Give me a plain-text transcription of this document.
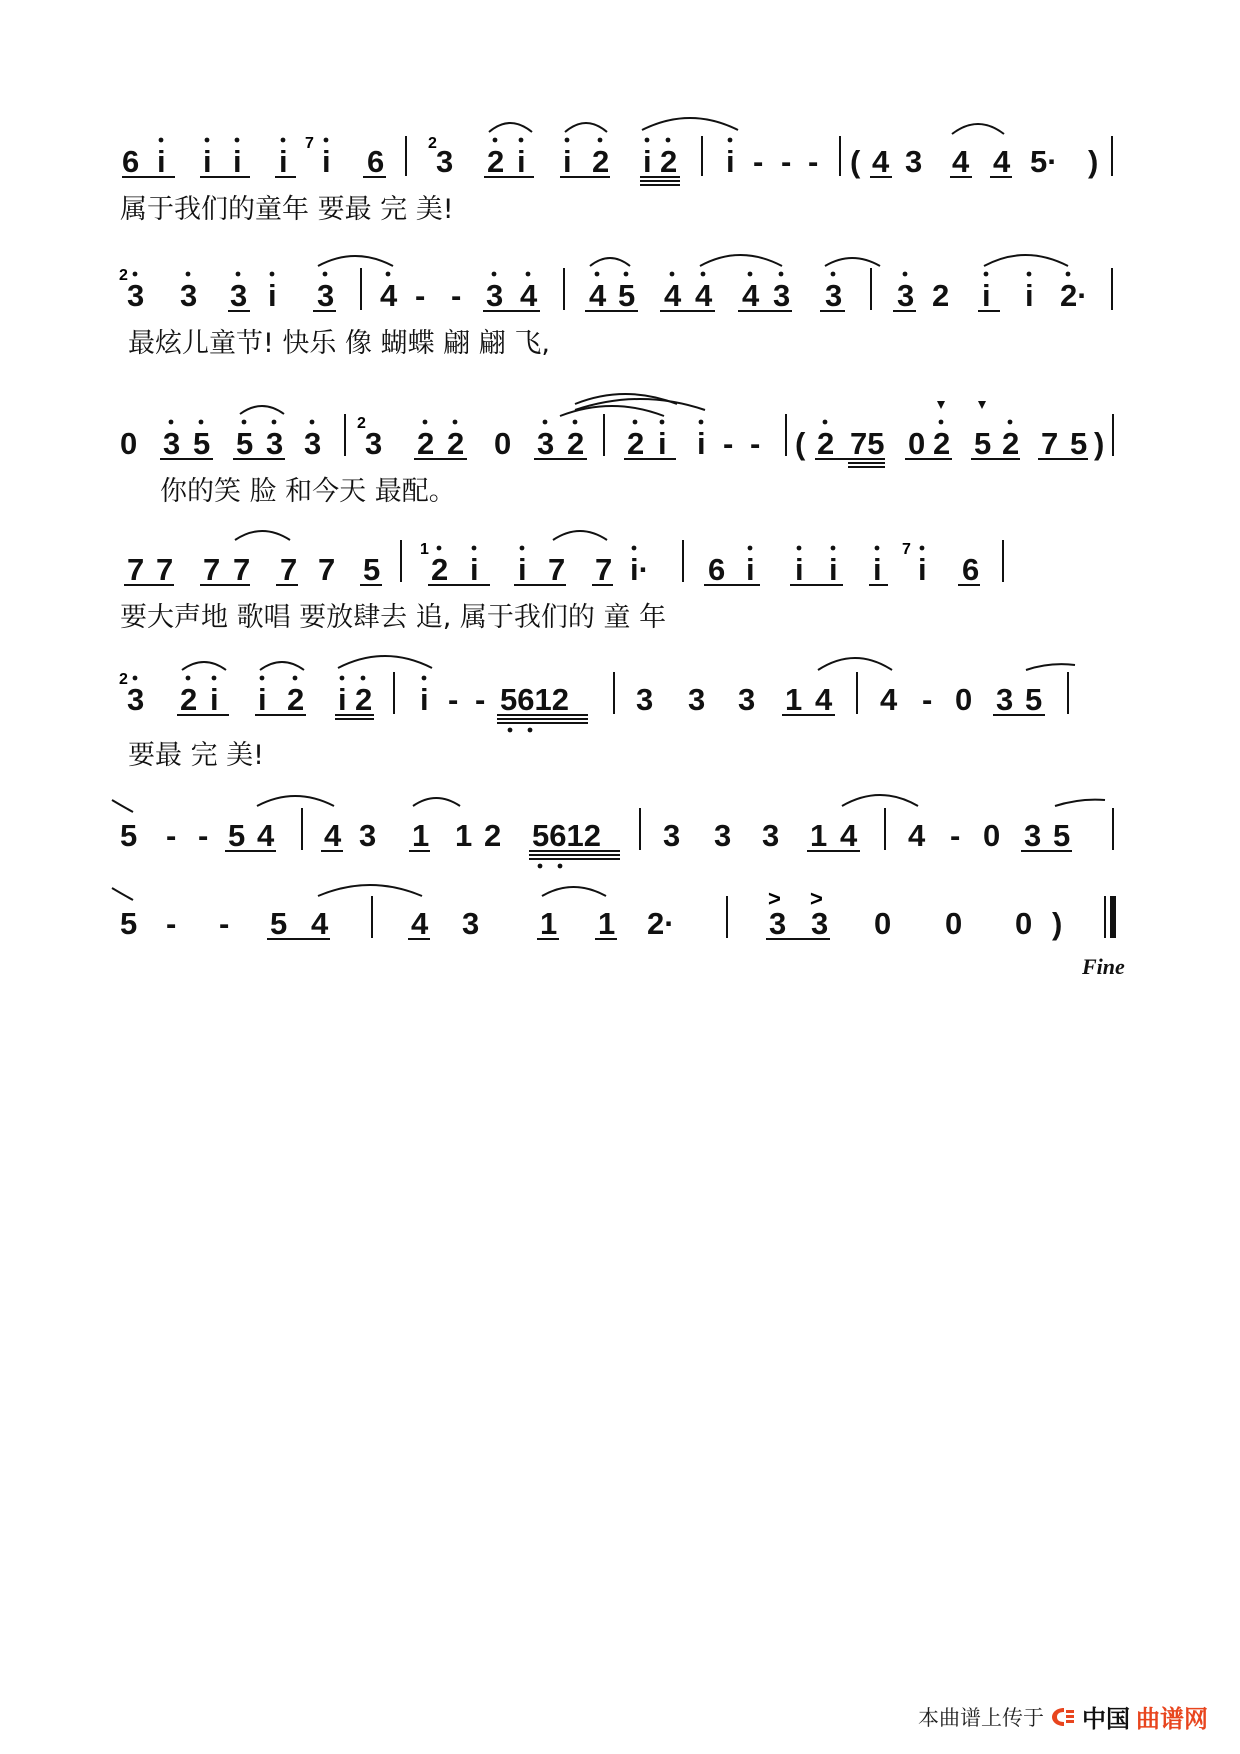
6 i i i i
7
i 6
2
3 2 i i 2 i 2 i - - - ( 4 3 4 4 5· )
属于我们的童年 要最 完 美!
2
3 3 3 i 3 4 - - 3 4 4 5 4 4 4 3 3 3 2 i i 2·
最炫儿童节! 快乐 像 蝴蝶 翩 翩 飞,
0 3 5 5 3 3
2
3 2 2 0 3 2 2 i i - - ( 2 75 0 2 5 2 7 5 )
你的笑 脸 和今天 最配。
7 7 7 7 7 7 5
1
2 i i 7 7 i· 6 i i i i
7
i 6
要大声地 歌唱 要放肆去 追, 属于我们的 童 年
2
3 2 i i 2 i 2 i - - 5612 3 3 3 1 4 4 - 0 3 5
要最 完 美!
5 - - 5 4 4 3 1 1 2 5612 3 3 3 1 4 4 - 0 3 5
5 - - 5 4	4 3 1 1 2·	3 3 0 0 0 )
> >
Fine
本曲谱上传于 中国 曲谱网
